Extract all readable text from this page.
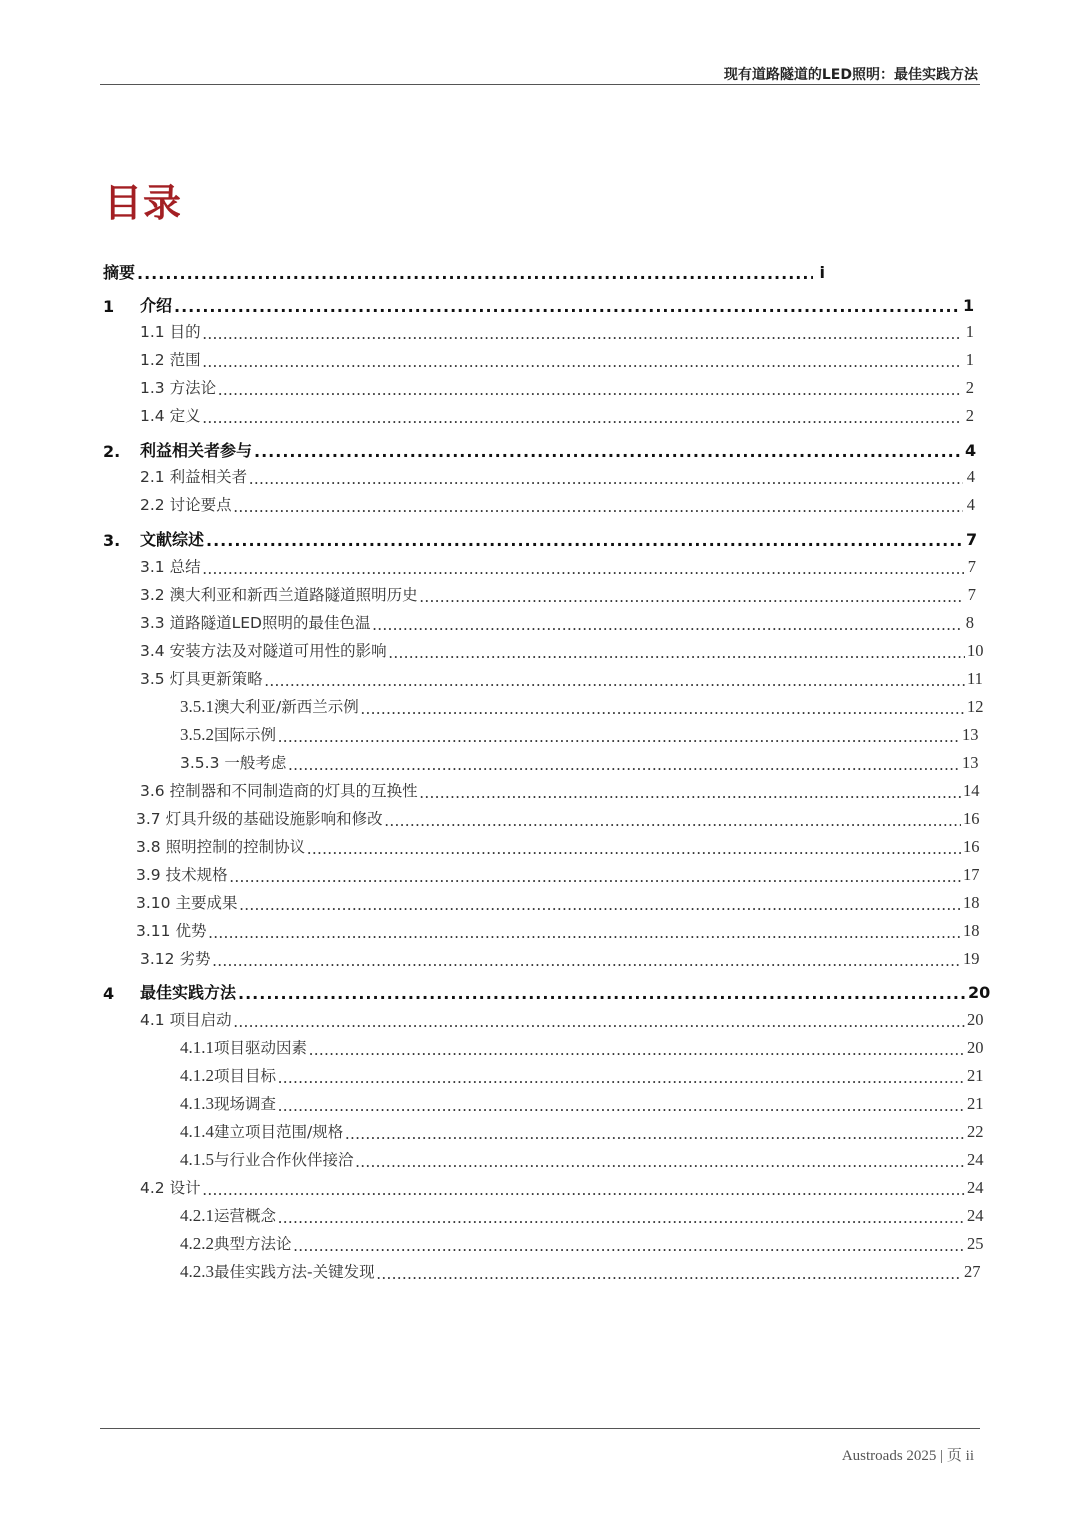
现有道路隧道的LED照明：最佳实践方法
目录
摘要 .....	i
1 介绍 .....	1
1.1 目的 .....	1
1.2 范围 .....	1
1.3 方法论 .....	2
1.4 定义 .....	2
2. 利益相关者参与 .....	4
2.1 利益相关者 .....	4
2.2 讨论要点 .....	4
3. 文献综述 .....	7
3.1 总结 .....	7
3.2 澳大利亚和新西兰道路隧道照明历史 .....	7
3.3 道路隧道LED照明的最佳色温 .....	8
3.4 安装方法及对隧道可用性的影响 .....	10
3.5 灯具更新策略 .....	11
3.5.1 澳大利亚/新西兰示例 .....	12
3.5.2 国际示例 .....	13
3.5.3 一般考虑 .....	13
3.6 控制器和不同制造商的灯具的互换性 .....	14
3.7 灯具升级的基础设施影响和修改 .....	16
3.8 照明控制的控制协议 .....	16
3.9 技术规格 .....	17
3.10 主要成果 .....	18
3.11 优势 .....	18
3.12 劣势 .....	19
4 最佳实践方法 .....	20
4.1 项目启动 .....	20
4.1.1 项目驱动因素 .....	20
4.1.2 项目目标 .....	21
4.1.3 现场调查 .....	21
4.1.4 建立项目范围/规格 .....	22
4.1.5 与行业合作伙伴接洽 .....	24
4.2 设计 .....	24
4.2.1 运营概念 .....	24
4.2.2 典型方法论 .....	25
4.2.3 最佳实践方法-关键发现 .....	27
Austroads 2025 | 页 ii
